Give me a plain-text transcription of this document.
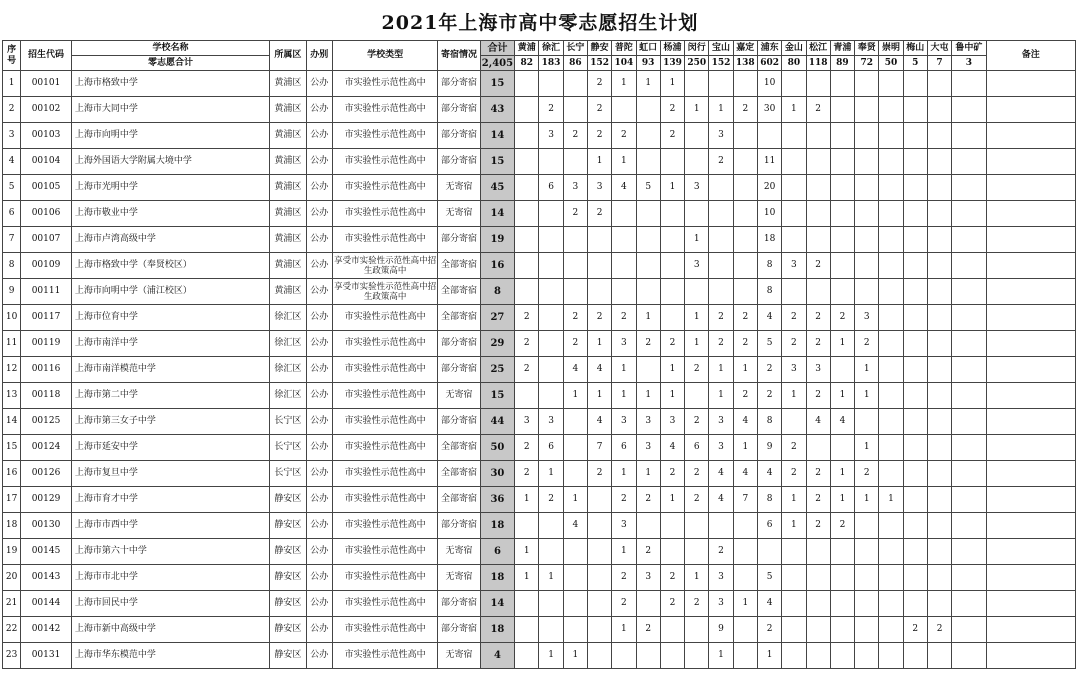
2021年上海市高中零志愿招生计划
序号	招生代码	学校名称	所属区	办别	学校类型	寄宿情况	合计	黄浦	徐汇	长宁	静安	普陀	虹口	杨浦	闵行	宝山	嘉定	浦东	金山	松江	青浦	奉贤	崇明	梅山	大屯	鲁中矿	备注
		零志愿合计					2,405	82	183	86	152	104	93	139	250	152	138	602	80	118	89	72	50	5	7	3	
1	00101	上海市格致中学	黄浦区	公办	市实验性示范性高中	部分寄宿	15				2	1	1	1				10									
2	00102	上海市大同中学	黄浦区	公办	市实验性示范性高中	部分寄宿	43		2		2			2	1	1	2	30	1	2							
3	00103	上海市向明中学	黄浦区	公办	市实验性示范性高中	部分寄宿	14		3	2	2	2		2		3											
4	00104	上海外国语大学附属大境中学	黄浦区	公办	市实验性示范性高中	部分寄宿	15				1	1				2		11									
5	00105	上海市光明中学	黄浦区	公办	市实验性示范性高中	无寄宿	45		6	3	3	4	5	1	3			20									
6	00106	上海市敬业中学	黄浦区	公办	市实验性示范性高中	无寄宿	14			2	2							10									
7	00107	上海市卢湾高级中学	黄浦区	公办	市实验性示范性高中	部分寄宿	19								1			18									
8	00109	上海市格致中学（奉贤校区）	黄浦区	公办	享受市实验性示范性高中招生政策高中	全部寄宿	16								3			8	3	2							
9	00111	上海市向明中学（浦江校区）	黄浦区	公办	享受市实验性示范性高中招生政策高中	全部寄宿	8											8									
10	00117	上海市位育中学	徐汇区	公办	市实验性示范性高中	全部寄宿	27	2		2	2	2	1		1	2	2	4	2	2	2	3					
11	00119	上海市南洋中学	徐汇区	公办	市实验性示范性高中	部分寄宿	29	2		2	1	3	2	2	1	2	2	5	2	2	1	2					
12	00116	上海市南洋模范中学	徐汇区	公办	市实验性示范性高中	部分寄宿	25	2		4	4	1		1	2	1	1	2	3	3		1					
13	00118	上海市第二中学	徐汇区	公办	市实验性示范性高中	无寄宿	15			1	1	1	1	1		1	2	2	1	2	1	1					
14	00125	上海市第三女子中学	长宁区	公办	市实验性示范性高中	部分寄宿	44	3	3		4	3	3	3	2	3	4	8		4	4						
15	00124	上海市延安中学	长宁区	公办	市实验性示范性高中	全部寄宿	50	2	6		7	6	3	4	6	3	1	9	2			1					
16	00126	上海市复旦中学	长宁区	公办	市实验性示范性高中	全部寄宿	30	2	1		2	1	1	2	2	4	4	4	2	2	1	2					
17	00129	上海市育才中学	静安区	公办	市实验性示范性高中	全部寄宿	36	1	2	1		2	2	1	2	4	7	8	1	2	1	1	1				
18	00130	上海市市西中学	静安区	公办	市实验性示范性高中	部分寄宿	18			4		3						6	1	2	2						
19	00145	上海市第六十中学	静安区	公办	市实验性示范性高中	无寄宿	6	1				1	2			2											
20	00143	上海市市北中学	静安区	公办	市实验性示范性高中	无寄宿	18	1	1			2	3	2	1	3		5									
21	00144	上海市回民中学	静安区	公办	市实验性示范性高中	部分寄宿	14					2		2	2	3	1	4									
22	00142	上海市新中高级中学	静安区	公办	市实验性示范性高中	部分寄宿	18					1	2			9		2						2	2		
23	00131	上海市华东模范中学	静安区	公办	市实验性示范性高中	无寄宿	4		1	1						1		1									
